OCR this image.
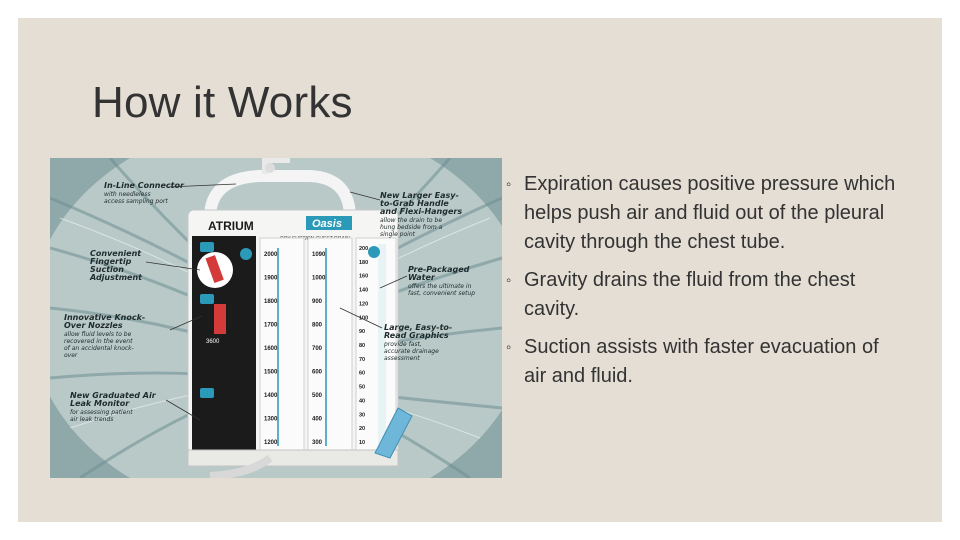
How it Works
ATRIUM	Oasis
3600
2000
1900
1800
1700
1600
1500
1400
1300
1200
1090
1000
900
800
700
600
500
400
300
200
180
160
140
120
100
90
80
70
60
50
40
30
20
10
In-Line Connector
with needleless
access sampling port
Convenient
Fingertip
Suction
Adjustment
Innovative Knock-
Over Nozzles
allow fluid levels to be
recovered in the event
of an accidental knock-
over
New Graduated Air
Leak Monitor
for assessing patient
air leak trends
New Larger Easy-
to-Grab Handle
and Flexi-Hangers
allow the drain to be
hung bedside from a
single point
Pre-Packaged
Water
offers the ultimate in
fast, convenient setup
Large, Easy-to-
Read Graphics
provide fast,
accurate drainage
assessment
◦ Expiration causes positive pressure which helps push air and fluid out of the pleural cavity through the chest tube.
◦ Gravity drains the fluid from the chest cavity.
◦ Suction assists with faster evacuation of air and fluid.
